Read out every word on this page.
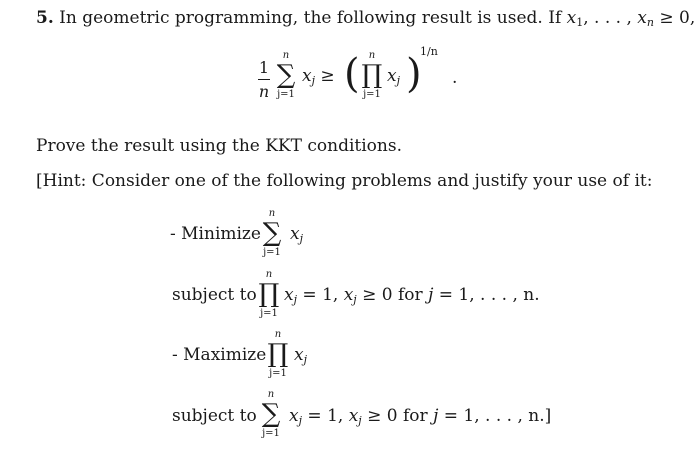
5. In geometric programming, the following result is used. If $x_1$, . . . , $x_n \ge 0$,
1
n
n
∑
j=1
$x_j$ ≥ ( n
∏
j=1
$x_j$ )
1/n
.
Prove the result using the KKT conditions.
[Hint: Consider one of the following problems and justify your use of it:
- Minimize
n
∑
j=1
$x_j$
subject to
n
∏
j=1
$x_j = 1$, $x_j \ge 0$ for j = 1, . . . , n.
- Maximize
n
∏
j=1
$x_j$
subject to
n
∑
j=1
$x_j = 1$, $x_j \ge 0$ for j = 1, . . . , n.]
